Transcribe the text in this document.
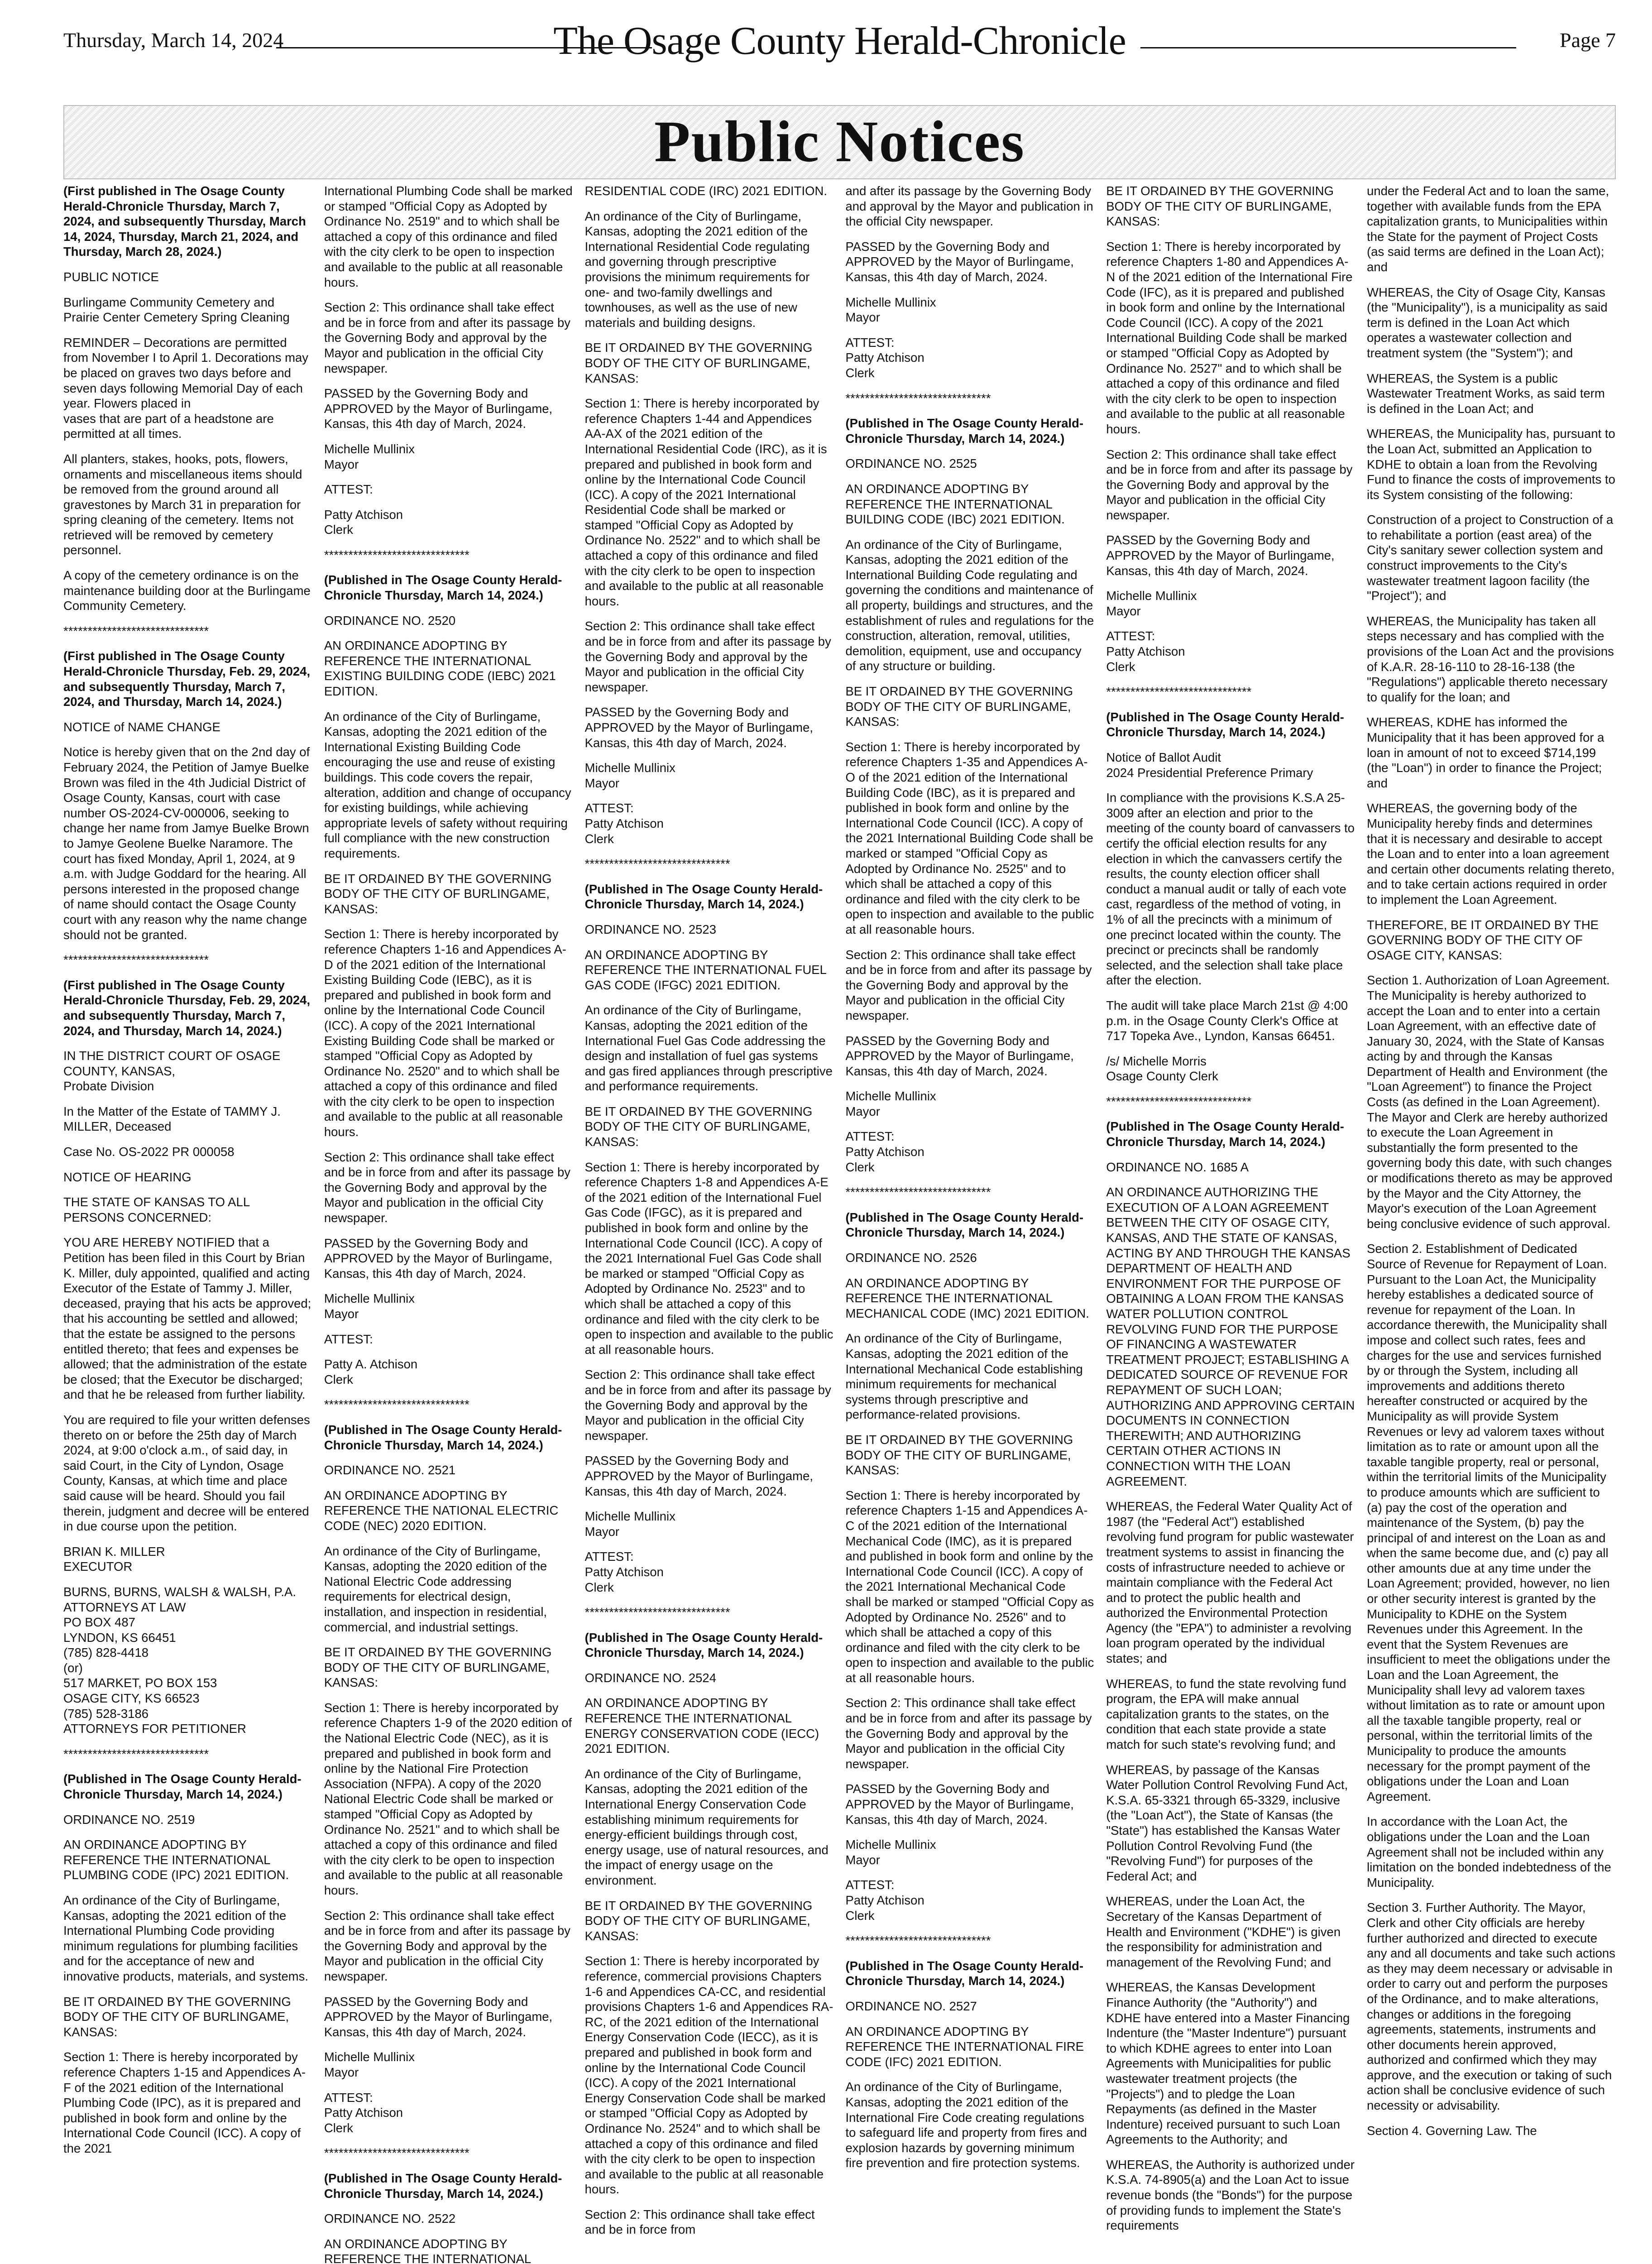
Thursday, March 14, 2024	The Osage County Herald-Chronicle	Page 7
Public Notices

(First published in The Osage County Herald-Chronicle Thursday, March 7, 2024, and subsequently Thursday, March 14, 2024, Thursday, March 21, 2024, and Thursday, March 28, 2024.)

PUBLIC NOTICE

Burlingame Community Cemetery and Prairie Center Cemetery Spring Cleaning

REMINDER – Decorations are permitted from November I to April 1. Decorations may be placed on graves two days before and seven days following Memorial Day of each year. Flowers placed in
vases that are part of a headstone are permitted at all times.

All planters, stakes, hooks, pots, flowers, ornaments and miscellaneous items should be removed from the ground around all gravestones by March 31 in preparation for spring cleaning of the cemetery. Items not retrieved will be removed by cemetery personnel.

A copy of the cemetery ordinance is on the maintenance building door at the Burlingame Community Cemetery.

******************************

(First published in The Osage County Herald-Chronicle Thursday, Feb. 29, 2024, and subsequently Thursday, March 7, 2024, and Thursday, March 14, 2024.)

NOTICE of NAME CHANGE

Notice is hereby given that on the 2nd day of February 2024, the Petition of Jamye Buelke Brown was filed in the 4th Judicial District of Osage County, Kansas, court with case number OS-2024-CV-000006, seeking to change her name from Jamye Buelke Brown to Jamye Geolene Buelke Naramore. The court has fixed Monday, April 1, 2024, at 9 a.m. with Judge Goddard for the hearing. All persons interested in the proposed change of name should contact the Osage County court with any reason why the name change should not be granted.

******************************

(First published in The Osage County Herald-Chronicle Thursday, Feb. 29, 2024, and subsequently Thursday, March 7, 2024, and Thursday, March 14, 2024.)

IN THE DISTRICT COURT OF OSAGE COUNTY, KANSAS,
Probate Division

In the Matter of the Estate of TAMMY J. MILLER, Deceased

Case No. OS-2022 PR 000058

NOTICE OF HEARING

THE STATE OF KANSAS TO ALL PERSONS CONCERNED:

YOU ARE HEREBY NOTIFIED that a Petition has been filed in this Court by Brian K. Miller, duly appointed, qualified and acting Executor of the Estate of Tammy J. Miller, deceased, praying that his acts be approved; that his accounting be settled and allowed; that the estate be assigned to the persons entitled thereto; that fees and expenses be allowed; that the administration of the estate be closed; that the Executor be discharged; and that he be released from further liability.

You are required to file your written defenses thereto on or before the 25th day of March 2024, at 9:00 o'clock a.m., of said day, in said Court, in the City of Lyndon, Osage County, Kansas, at which time and place said cause will be heard. Should you fail therein, judgment and decree will be entered in due course upon the petition.

BRIAN K. MILLER
EXECUTOR

BURNS, BURNS, WALSH & WALSH, P.A.
ATTORNEYS AT LAW
PO BOX 487
LYNDON, KS 66451
(785) 828-4418
(or)
517 MARKET, PO BOX 153
OSAGE CITY, KS 66523
(785) 528-3186
ATTORNEYS FOR PETITIONER

******************************

(Published in The Osage County Herald-Chronicle Thursday, March 14, 2024.)

ORDINANCE NO. 2519

AN ORDINANCE ADOPTING BY REFERENCE THE INTERNATIONAL PLUMBING CODE (IPC) 2021 EDITION.

An ordinance of the City of Burlingame, Kansas, adopting the 2021 edition of the International Plumbing Code providing minimum regulations for plumbing facilities and for the acceptance of new and innovative products, materials, and systems.

BE IT ORDAINED BY THE GOVERNING BODY OF THE CITY OF BURLINGAME, KANSAS:

Section 1: There is hereby incorporated by reference Chapters 1-15 and Appendices A-F of the 2021 edition of the International Plumbing Code (IPC), as it is prepared and published in book form and online by the International Code Council (ICC). A copy of the 2021

International Plumbing Code shall be marked or stamped "Official Copy as Adopted by Ordinance No. 2519" and to which shall be attached a copy of this ordinance and filed with the city clerk to be open to inspection and available to the public at all reasonable hours.

Section 2: This ordinance shall take effect and be in force from and after its passage by the Governing Body and approval by the Mayor and publication in the official City newspaper.

PASSED by the Governing Body and APPROVED by the Mayor of Burlingame, Kansas, this 4th day of March, 2024.

Michelle Mullinix
Mayor

ATTEST:

Patty Atchison
Clerk

******************************

(Published in The Osage County Herald-Chronicle Thursday, March 14, 2024.)

ORDINANCE NO. 2520

AN ORDINANCE ADOPTING BY REFERENCE THE INTERNATIONAL EXISTING BUILDING CODE (IEBC) 2021 EDITION.

An ordinance of the City of Burlingame, Kansas, adopting the 2021 edition of the International Existing Building Code encouraging the use and reuse of existing buildings. This code covers the repair, alteration, addition and change of occupancy for existing buildings, while achieving appropriate levels of safety without requiring full compliance with the new construction requirements.

BE IT ORDAINED BY THE GOVERNING BODY OF THE CITY OF BURLINGAME, KANSAS:

Section 1: There is hereby incorporated by reference Chapters 1-16 and Appendices A-D of the 2021 edition of the International Existing Building Code (IEBC), as it is prepared and published in book form and online by the International Code Council (ICC). A copy of the 2021 International Existing Building Code shall be marked or stamped "Official Copy as Adopted by Ordinance No. 2520" and to which shall be attached a copy of this ordinance and filed with the city clerk to be open to inspection and available to the public at all reasonable hours.

Section 2: This ordinance shall take effect and be in force from and after its passage by the Governing Body and approval by the Mayor and publication in the official City newspaper.

PASSED by the Governing Body and APPROVED by the Mayor of Burlingame, Kansas, this 4th day of March, 2024.

Michelle Mullinix
Mayor

ATTEST:

Patty A. Atchison
Clerk

******************************

(Published in The Osage County Herald-Chronicle Thursday, March 14, 2024.)

ORDINANCE NO. 2521

AN ORDINANCE ADOPTING BY REFERENCE THE NATIONAL ELECTRIC CODE (NEC) 2020 EDITION.

An ordinance of the City of Burlingame, Kansas, adopting the 2020 edition of the National Electric Code addressing requirements for electrical design, installation, and inspection in residential, commercial, and industrial settings.

BE IT ORDAINED BY THE GOVERNING BODY OF THE CITY OF BURLINGAME, KANSAS:

Section 1: There is hereby incorporated by reference Chapters 1-9 of the 2020 edition of the National Electric Code (NEC), as it is prepared and published in book form and online by the National Fire Protection Association (NFPA). A copy of the 2020 National Electric Code shall be marked or stamped "Official Copy as Adopted by Ordinance No. 2521" and to which shall be attached a copy of this ordinance and filed with the city clerk to be open to inspection and available to the public at all reasonable hours.

Section 2: This ordinance shall take effect and be in force from and after its passage by the Governing Body and approval by the Mayor and publication in the official City newspaper.

PASSED by the Governing Body and APPROVED by the Mayor of Burlingame, Kansas, this 4th day of March, 2024.

Michelle Mullinix
Mayor

ATTEST:
Patty Atchison
Clerk

******************************

(Published in The Osage County Herald-Chronicle Thursday, March 14, 2024.)

ORDINANCE NO. 2522

AN ORDINANCE ADOPTING BY REFERENCE THE INTERNATIONAL

RESIDENTIAL CODE (IRC) 2021 EDITION.

An ordinance of the City of Burlingame, Kansas, adopting the 2021 edition of the International Residential Code regulating and governing through prescriptive provisions the minimum requirements for one- and two-family dwellings and townhouses, as well as the use of new materials and building designs.

BE IT ORDAINED BY THE GOVERNING BODY OF THE CITY OF BURLINGAME, KANSAS:

Section 1: There is hereby incorporated by reference Chapters 1-44 and Appendices AA-AX of the 2021 edition of the International Residential Code (IRC), as it is prepared and published in book form and online by the International Code Council (ICC). A copy of the 2021 International Residential Code shall be marked or stamped "Official Copy as Adopted by Ordinance No. 2522" and to which shall be attached a copy of this ordinance and filed with the city clerk to be open to inspection and available to the public at all reasonable hours.

Section 2: This ordinance shall take effect and be in force from and after its passage by the Governing Body and approval by the Mayor and publication in the official City newspaper.

PASSED by the Governing Body and APPROVED by the Mayor of Burlingame, Kansas, this 4th day of March, 2024.

Michelle Mullinix
Mayor

ATTEST:
Patty Atchison
Clerk

******************************

(Published in The Osage County Herald-Chronicle Thursday, March 14, 2024.)

ORDINANCE NO. 2523

AN ORDINANCE ADOPTING BY REFERENCE THE INTERNATIONAL FUEL GAS CODE (IFGC) 2021 EDITION.

An ordinance of the City of Burlingame, Kansas, adopting the 2021 edition of the International Fuel Gas Code addressing the design and installation of fuel gas systems and gas fired appliances through prescriptive and performance requirements.

BE IT ORDAINED BY THE GOVERNING BODY OF THE CITY OF BURLINGAME, KANSAS:

Section 1: There is hereby incorporated by reference Chapters 1-8 and Appendices A-E of the 2021 edition of the International Fuel Gas Code (IFGC), as it is prepared and published in book form and online by the International Code Council (ICC). A copy of the 2021 International Fuel Gas Code shall be marked or stamped "Official Copy as Adopted by Ordinance No. 2523" and to which shall be attached a copy of this ordinance and filed with the city clerk to be open to inspection and available to the public at all reasonable hours.

Section 2: This ordinance shall take effect and be in force from and after its passage by the Governing Body and approval by the Mayor and publication in the official City newspaper.

PASSED by the Governing Body and APPROVED by the Mayor of Burlingame, Kansas, this 4th day of March, 2024.

Michelle Mullinix
Mayor

ATTEST:
Patty Atchison
Clerk

******************************

(Published in The Osage County Herald-Chronicle Thursday, March 14, 2024.)

ORDINANCE NO. 2524

AN ORDINANCE ADOPTING BY REFERENCE THE INTERNATIONAL ENERGY CONSERVATION CODE (IECC) 2021 EDITION.

An ordinance of the City of Burlingame, Kansas, adopting the 2021 edition of the International Energy Conservation Code establishing minimum requirements for energy-efficient buildings through cost, energy usage, use of natural resources, and the impact of energy usage on the environment.

BE IT ORDAINED BY THE GOVERNING BODY OF THE CITY OF BURLINGAME, KANSAS:

Section 1: There is hereby incorporated by reference, commercial provisions Chapters 1-6 and Appendices CA-CC, and residential provisions Chapters 1-6 and Appendices RA-RC, of the 2021 edition of the International Energy Conservation Code (IECC), as it is prepared and published in book form and online by the International Code Council (ICC). A copy of the 2021 International Energy Conservation Code shall be marked or stamped "Official Copy as Adopted by Ordinance No. 2524" and to which shall be attached a copy of this ordinance and filed with the city clerk to be open to inspection and available to the public at all reasonable hours.

Section 2: This ordinance shall take effect and be in force from

and after its passage by the Governing Body and approval by the Mayor and publication in the official City newspaper.

PASSED by the Governing Body and APPROVED by the Mayor of Burlingame, Kansas, this 4th day of March, 2024.

Michelle Mullinix
Mayor

ATTEST:
Patty Atchison
Clerk

******************************

(Published in The Osage County Herald-Chronicle Thursday, March 14, 2024.)

ORDINANCE NO. 2525

AN ORDINANCE ADOPTING BY REFERENCE THE INTERNATIONAL BUILDING CODE (IBC) 2021 EDITION.

An ordinance of the City of Burlingame, Kansas, adopting the 2021 edition of the International Building Code regulating and governing the conditions and maintenance of all property, buildings and structures, and the establishment of rules and regulations for the construction, alteration, removal, utilities, demolition, equipment, use and occupancy of any structure or building.

BE IT ORDAINED BY THE GOVERNING BODY OF THE CITY OF BURLINGAME, KANSAS:

Section 1: There is hereby incorporated by reference Chapters 1-35 and Appendices A-O of the 2021 edition of the International Building Code (IBC), as it is prepared and published in book form and online by the International Code Council (ICC). A copy of the 2021 International Building Code shall be marked or stamped "Official Copy as Adopted by Ordinance No. 2525" and to which shall be attached a copy of this ordinance and filed with the city clerk to be open to inspection and available to the public at all reasonable hours.

Section 2: This ordinance shall take effect and be in force from and after its passage by the Governing Body and approval by the Mayor and publication in the official City newspaper.

PASSED by the Governing Body and APPROVED by the Mayor of Burlingame, Kansas, this 4th day of March, 2024.

Michelle Mullinix
Mayor

ATTEST:
Patty Atchison
Clerk

******************************

(Published in The Osage County Herald-Chronicle Thursday, March 14, 2024.)

ORDINANCE NO. 2526

AN ORDINANCE ADOPTING BY REFERENCE THE INTERNATIONAL MECHANICAL CODE (IMC) 2021 EDITION.

An ordinance of the City of Burlingame, Kansas, adopting the 2021 edition of the International Mechanical Code establishing minimum requirements for mechanical systems through prescriptive and performance-related provisions.

BE IT ORDAINED BY THE GOVERNING BODY OF THE CITY OF BURLINGAME, KANSAS:

Section 1: There is hereby incorporated by reference Chapters 1-15 and Appendices A-C of the 2021 edition of the International Mechanical Code (IMC), as it is prepared and published in book form and online by the International Code Council (ICC). A copy of the 2021 International Mechanical Code shall be marked or stamped "Official Copy as Adopted by Ordinance No. 2526" and to which shall be attached a copy of this ordinance and filed with the city clerk to be open to inspection and available to the public at all reasonable hours.

Section 2: This ordinance shall take effect and be in force from and after its passage by the Governing Body and approval by the Mayor and publication in the official City newspaper.

PASSED by the Governing Body and APPROVED by the Mayor of Burlingame, Kansas, this 4th day of March, 2024.

Michelle Mullinix
Mayor

ATTEST:
Patty Atchison
Clerk

******************************

(Published in The Osage County Herald-Chronicle Thursday, March 14, 2024.)

ORDINANCE NO. 2527

AN ORDINANCE ADOPTING BY REFERENCE THE INTERNATIONAL FIRE CODE (IFC) 2021 EDITION.

An ordinance of the City of Burlingame, Kansas, adopting the 2021 edition of the International Fire Code creating regulations to safeguard life and property from fires and explosion hazards by governing minimum fire prevention and fire protection systems.

BE IT ORDAINED BY THE GOVERNING BODY OF THE CITY OF BURLINGAME, KANSAS:

Section 1: There is hereby incorporated by reference Chapters 1-80 and Appendices A-N of the 2021 edition of the International Fire Code (IFC), as it is prepared and published in book form and online by the International Code Council (ICC). A copy of the 2021 International Building Code shall be marked or stamped "Official Copy as Adopted by Ordinance No. 2527" and to which shall be attached a copy of this ordinance and filed with the city clerk to be open to inspection and available to the public at all reasonable hours.

Section 2: This ordinance shall take effect and be in force from and after its passage by the Governing Body and approval by the Mayor and publication in the official City newspaper.

PASSED by the Governing Body and APPROVED by the Mayor of Burlingame, Kansas, this 4th day of March, 2024.

Michelle Mullinix
Mayor

ATTEST:
Patty Atchison
Clerk

******************************

(Published in The Osage County Herald-Chronicle Thursday, March 14, 2024.)

Notice of Ballot Audit
2024 Presidential Preference Primary

In compliance with the provisions K.S.A 25-3009 after an election and prior to the meeting of the county board of canvassers to certify the official election results for any election in which the canvassers certify the results, the county election officer shall conduct a manual audit or tally of each vote cast, regardless of the method of voting, in 1% of all the precincts with a minimum of one precinct located within the county. The precinct or precincts shall be randomly selected, and the selection shall take place after the election.

The audit will take place March 21st @ 4:00 p.m. in the Osage County Clerk's Office at 717 Topeka Ave., Lyndon, Kansas 66451.

/s/ Michelle Morris
Osage County Clerk

******************************

(Published in The Osage County Herald-Chronicle Thursday, March 14, 2024.)

ORDINANCE NO. 1685 A

AN ORDINANCE AUTHORIZING THE EXECUTION OF A LOAN AGREEMENT BETWEEN THE CITY OF OSAGE CITY, KANSAS, AND THE STATE OF KANSAS, ACTING BY AND THROUGH THE KANSAS DEPARTMENT OF HEALTH AND ENVIRONMENT FOR THE PURPOSE OF OBTAINING A LOAN FROM THE KANSAS WATER POLLUTION CONTROL REVOLVING FUND FOR THE PURPOSE OF FINANCING A WASTEWATER TREATMENT PROJECT; ESTABLISHING A DEDICATED SOURCE OF REVENUE FOR REPAYMENT OF SUCH LOAN; AUTHORIZING AND APPROVING CERTAIN DOCUMENTS IN CONNECTION THEREWITH; AND AUTHORIZING CERTAIN OTHER ACTIONS IN CONNECTION WITH THE LOAN AGREEMENT.

WHEREAS, the Federal Water Quality Act of 1987 (the "Federal Act") established revolving fund program for public wastewater treatment systems to assist in financing the costs of infrastructure needed to achieve or maintain compliance with the Federal Act and to protect the public health and authorized the Environmental Protection Agency (the "EPA") to administer a revolving loan program operated by the individual states; and

WHEREAS, to fund the state revolving fund program, the EPA will make annual capitalization grants to the states, on the condition that each state provide a state match for such state's revolving fund; and

WHEREAS, by passage of the Kansas Water Pollution Control Revolving Fund Act, K.S.A. 65-3321 through 65-3329, inclusive (the "Loan Act"), the State of Kansas (the "State") has established the Kansas Water Pollution Control Revolving Fund (the "Revolving Fund") for purposes of the Federal Act; and

WHEREAS, under the Loan Act, the Secretary of the Kansas Department of Health and Environment ("KDHE") is given the responsibility for administration and management of the Revolving Fund; and

WHEREAS, the Kansas Development Finance Authority (the "Authority") and KDHE have entered into a Master Financing Indenture (the "Master Indenture") pursuant to which KDHE agrees to enter into Loan Agreements with Municipalities for public wastewater treatment projects (the "Projects") and to pledge the Loan Repayments (as defined in the Master Indenture) received pursuant to such Loan Agreements to the Authority; and

WHEREAS, the Authority is authorized under K.S.A. 74-8905(a) and the Loan Act to issue revenue bonds (the "Bonds") for the purpose of providing funds to implement the State's requirements

under the Federal Act and to loan the same, together with available funds from the EPA capitalization grants, to Municipalities within the State for the payment of Project Costs (as said terms are defined in the Loan Act); and

WHEREAS, the City of Osage City, Kansas (the "Municipality"), is a municipality as said term is defined in the Loan Act which operates a wastewater collection and treatment system (the "System"); and

WHEREAS, the System is a public Wastewater Treatment Works, as said term is defined in the Loan Act; and

WHEREAS, the Municipality has, pursuant to the Loan Act, submitted an Application to KDHE to obtain a loan from the Revolving Fund to finance the costs of improvements to its System consisting of the following:

Construction of a project to Construction of a to rehabilitate a portion (east area) of the City's sanitary sewer collection system and construct improvements to the City's wastewater treatment lagoon facility (the "Project"); and

WHEREAS, the Municipality has taken all steps necessary and has complied with the provisions of the Loan Act and the provisions of K.A.R. 28-16-110 to 28-16-138 (the "Regulations") applicable thereto necessary to qualify for the loan; and

WHEREAS, KDHE has informed the Municipality that it has been approved for a loan in amount of not to exceed $714,199 (the "Loan") in order to finance the Project; and

WHEREAS, the governing body of the Municipality hereby finds and determines that it is necessary and desirable to accept the Loan and to enter into a loan agreement and certain other documents relating thereto, and to take certain actions required in order to implement the Loan Agreement.

THEREFORE, BE IT ORDAINED BY THE GOVERNING BODY OF THE CITY OF OSAGE CITY, KANSAS:

Section 1. Authorization of Loan Agreement. The Municipality is hereby authorized to accept the Loan and to enter into a certain Loan Agreement, with an effective date of January 30, 2024, with the State of Kansas acting by and through the Kansas Department of Health and Environment (the "Loan Agreement") to finance the Project Costs (as defined in the Loan Agreement). The Mayor and Clerk are hereby authorized to execute the Loan Agreement in substantially the form presented to the governing body this date, with such changes or modifications thereto as may be approved by the Mayor and the City Attorney, the Mayor's execution of the Loan Agreement being conclusive evidence of such approval.

Section 2. Establishment of Dedicated Source of Revenue for Repayment of Loan. Pursuant to the Loan Act, the Municipality hereby establishes a dedicated source of revenue for repayment of the Loan. In accordance therewith, the Municipality shall impose and collect such rates, fees and charges for the use and services furnished by or through the System, including all improvements and additions thereto hereafter constructed or acquired by the Municipality as will provide System Revenues or levy ad valorem taxes without limitation as to rate or amount upon all the taxable tangible property, real or personal, within the territorial limits of the Municipality to produce amounts which are sufficient to (a) pay the cost of the operation and maintenance of the System, (b) pay the principal of and interest on the Loan as and when the same become due, and (c) pay all other amounts due at any time under the Loan Agreement; provided, however, no lien or other security interest is granted by the Municipality to KDHE on the System Revenues under this Agreement. In the event that the System Revenues are insufficient to meet the obligations under the Loan and the Loan Agreement, the Municipality shall levy ad valorem taxes without limitation as to rate or amount upon all the taxable tangible property, real or personal, within the territorial limits of the Municipality to produce the amounts necessary for the prompt payment of the obligations under the Loan and Loan Agreement.

In accordance with the Loan Act, the obligations under the Loan and the Loan Agreement shall not be included within any limitation on the bonded indebtedness of the Municipality.

Section 3. Further Authority. The Mayor, Clerk and other City officials are hereby further authorized and directed to execute any and all documents and take such actions as they may deem necessary or advisable in order to carry out and perform the purposes of the Ordinance, and to make alterations, changes or additions in the foregoing agreements, statements, instruments and other documents herein approved, authorized and confirmed which they may approve, and the execution or taking of such action shall be conclusive evidence of such necessity or advisability.

Section 4. Governing Law. The
